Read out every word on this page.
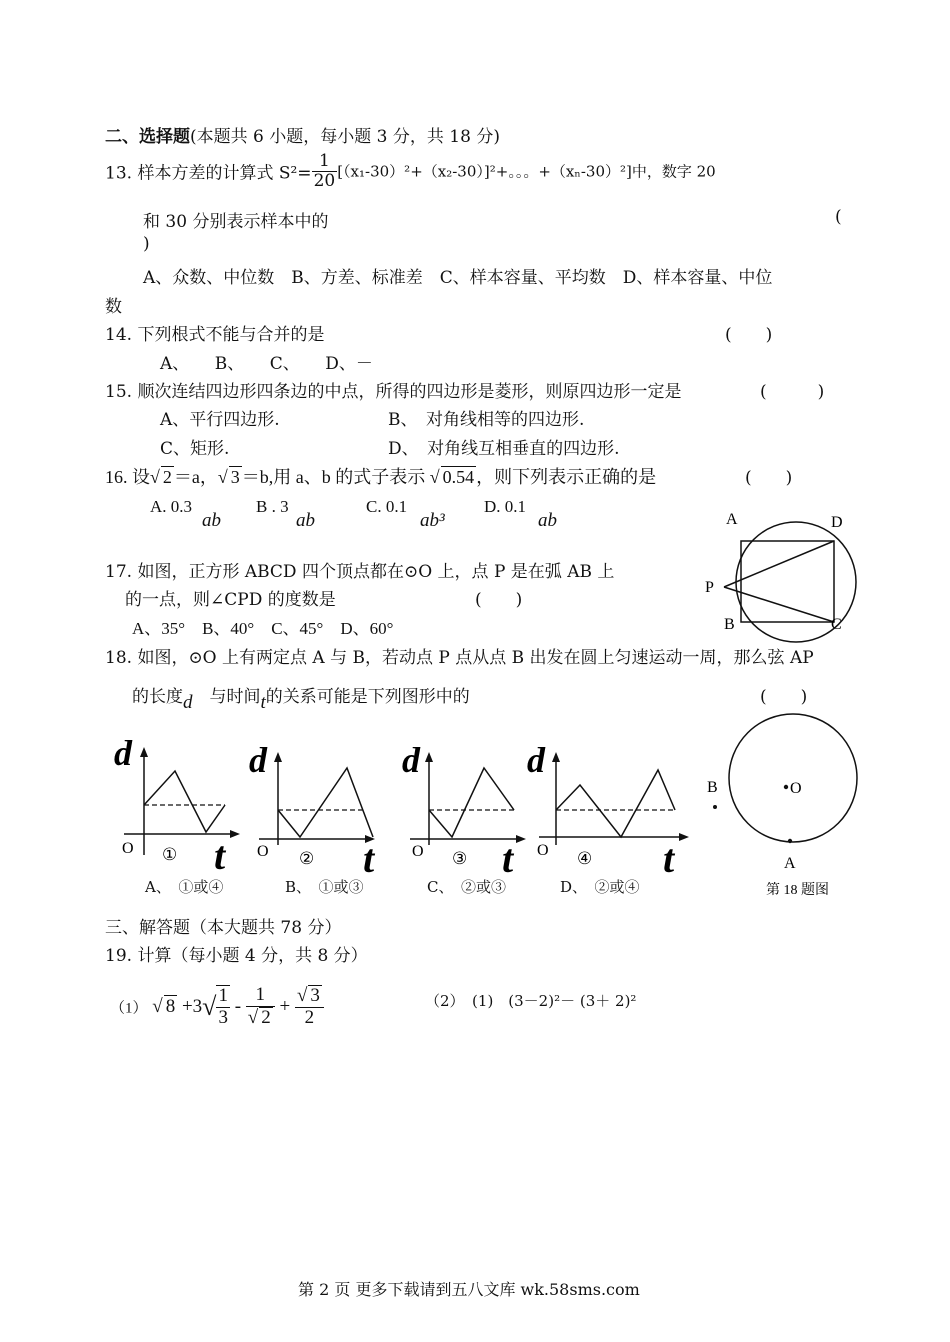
二、选择题(本题共 6 小题，每小题 3 分，共 18 分)
13. 样本方差的计算式 $S^2= \frac{1}{20} [(x_1-30)^2+(x_2-30)]^2+$。。。+（xₙ-30）²]中，数字 20
和 30 分别表示样本中的	(
)
A、众数、中位数　B、方差、标准差　C、样本容量、平均数　D、样本容量、中位
数
14. 下列根式不能与合并的是	(　　)
A、　　B、　　C、　　D、－
15. 顺次连结四边形四条边的中点，所得的四边形是菱形，则原四边形一定是	(　　　)
A、平行四边形.	B、　对角线相等的四边形.
C、矩形.	D、　对角线互相垂直的四边形.
16. 设√ 2 ＝a，√ 3 ＝b,用 a、b 的式子表示 √ 0.54 ，则下列表示正确的是	(　　)
A. 0.3
ab
B . 3
ab
C. 0.1
ab³
D. 0.1
ab
17. 如图，正方形 ABCD 四个顶点都在⊙O 上，点 P 是在弧 AB 上
的一点，则∠CPD 的度数是	(　　)
A、35°　B、40°　C、45°　D、60°
A	D
P
B	C
18. 如图，⊙O 上有两定点 A 与 B，若动点 P 点从点 B 出发在圆上匀速运动一周，那么弦 AP
的长度d　 与时间t的关系可能是下列图形中的	(　　)
d
O ① t
d
O ② t
d
O ③ t
d
O ④ t
A、　①或④	B、　①或③	C、　②或③	D、　②或④
O
B
A
第 18 题图
三、解答题（本大题共 78 分）
19. 计算（每小题 4 分，共 8 分）
（1） √ $8 +3√ \frac{1}{3} - \frac{1}{√ 2} + \frac{√ 3}{2}$	（2）　(1)　(3－2)²－ (3＋ 2)²
第 2 页 更多下载请到五八文库 wk.58sms.com
